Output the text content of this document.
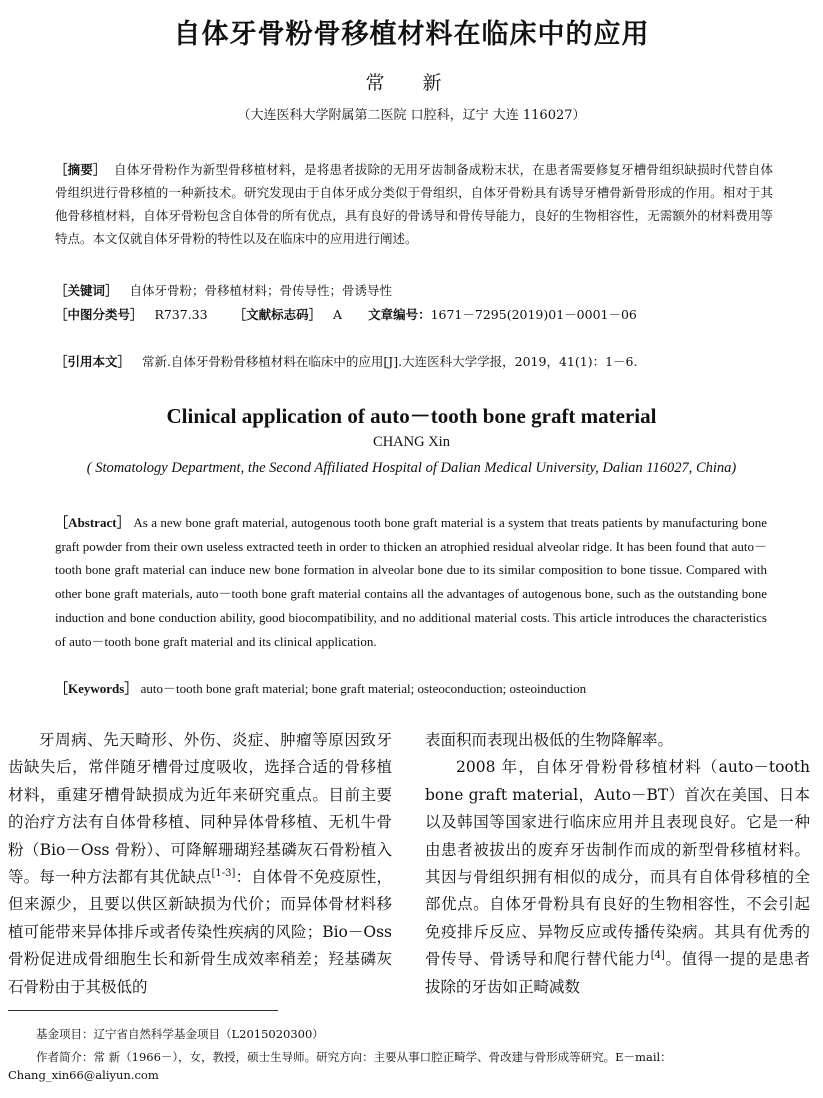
自体牙骨粉骨移植材料在临床中的应用
常 新
（大连医科大学附属第二医院 口腔科，辽宁 大连 116027）
［摘要］ 自体牙骨粉作为新型骨移植材料，是将患者拔除的无用牙齿制备成粉末状，在患者需要修复牙槽骨组织缺损时代替自体骨组织进行骨移植的一种新技术。研究发现由于自体牙成分类似于骨组织，自体牙骨粉具有诱导牙槽骨新骨形成的作用。相对于其他骨移植材料，自体牙骨粉包含自体骨的所有优点，具有良好的骨诱导和骨传导能力，良好的生物相容性，无需额外的材料费用等特点。本文仅就自体牙骨粉的特性以及在临床中的应用进行阐述。
［关键词］ 自体牙骨粉；骨移植材料；骨传导性；骨诱导性
［中图分类号］ R737.33 ［文献标志码］ A 文章编号：1671－7295(2019)01－0001－06
［引用本文］ 常新.自体牙骨粉骨移植材料在临床中的应用[J].大连医科大学学报，2019，41(1)：1－6.
Clinical application of auto－tooth bone graft material
CHANG Xin
( Stomatology Department, the Second Affiliated Hospital of Dalian Medical University, Dalian 116027, China)
［Abstract］ As a new bone graft material, autogenous tooth bone graft material is a system that treats patients by manufacturing bone graft powder from their own useless extracted teeth in order to thicken an atrophied residual alveolar ridge. It has been found that auto－tooth bone graft material can induce new bone formation in alveolar bone due to its similar composition to bone tissue. Compared with other bone graft materials, auto－tooth bone graft material contains all the advantages of autogenous bone, such as the outstanding bone induction and bone conduction ability, good biocompatibility, and no additional material costs. This article introduces the characteristics of auto－tooth bone graft material and its clinical application.
［Keywords］ auto－tooth bone graft material; bone graft material; osteoconduction; osteoinduction
牙周病、先天畸形、外伤、炎症、肿瘤等原因致牙齿缺失后，常伴随牙槽骨过度吸收，选择合适的骨移植材料，重建牙槽骨缺损成为近年来研究重点。目前主要的治疗方法有自体骨移植、同种异体骨移植、无机牛骨粉（Bio－Oss 骨粉）、可降解珊瑚羟基磷灰石骨粉植入等。每一种方法都有其优缺点[1-3]：自体骨不免疫原性，但来源少，且要以供区新缺损为代价；而异体骨材料移植可能带来异体排斥或者传染性疾病的风险；Bio－Oss 骨粉促进成骨细胞生长和新骨生成效率稍差；羟基磷灰石骨粉由于其极低的

表面积而表现出极低的生物降解率。

2008 年，自体牙骨粉骨移植材料（auto－tooth bone graft material，Auto－BT）首次在美国、日本以及韩国等国家进行临床应用并且表现良好。它是一种由患者被拔出的废弃牙齿制作而成的新型骨移植材料。其因与骨组织拥有相似的成分，而具有自体骨移植的全部优点。自体牙骨粉具有良好的生物相容性，不会引起免疫排斥反应、异物反应或传播传染病。其具有优秀的骨传导、骨诱导和爬行替代能力[4]。值得一提的是患者拔除的牙齿如正畸减数

基金项目：辽宁省自然科学基金项目（L2015020300）
作者简介：常 新（1966－），女，教授，硕士生导师。研究方向：主要从事口腔正畸学、骨改建与骨形成等研究。E－mail：Chang_xin66@aliyun.com
